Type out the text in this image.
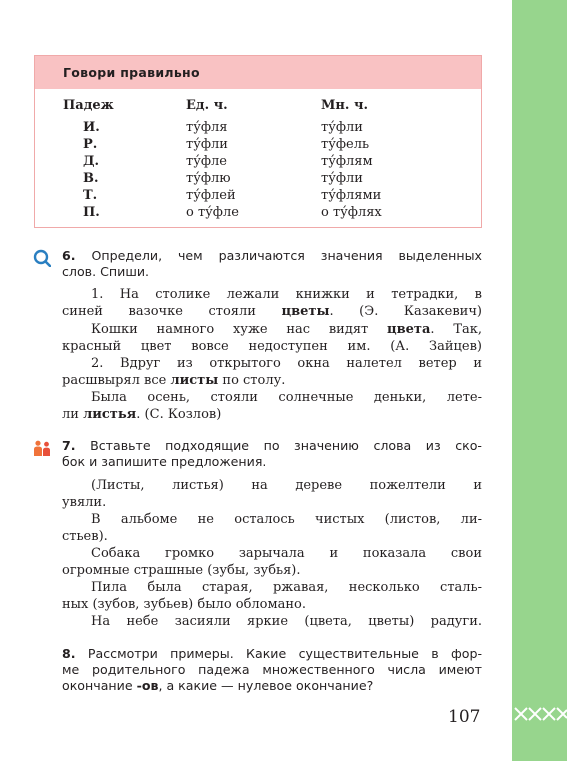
Говори правильно
Падеж	Ед. ч.	Мн. ч.
И.	ту́фля	ту́фли
Р.	ту́фли	ту́фель
Д.	ту́фле	ту́флям
В.	ту́флю	ту́фли
Т.	ту́флей	ту́флями
П.	о ту́фле	о ту́флях
6. Определи, чем различаются значения выделенных
слов. Спиши.
1. На столике лежали книжки и тетрадки, в
синей вазочке стояли цветы. (Э. Казакевич)
Кошки намного хуже нас видят цвета. Так,
красный цвет вовсе недоступен им. (А. Зайцев)
2. Вдруг из открытого окна налетел ветер и
расшвырял все листы по столу.
Была осень, стояли солнечные деньки, лете-
ли листья. (С. Козлов)
7. Вставьте подходящие по значению слова из ско-
бок и запишите предложения.
(Листы, листья) на дереве пожелтели и
увяли.
В альбоме не осталось чистых (листов, ли-
стьев).
Собака громко зарычала и показала свои
огромные страшные (зубы, зубья).
Пила была старая, ржавая, несколько сталь-
ных (зубов, зубьев) было обломано.
На небе засияли яркие (цвета, цветы) радуги.
8. Рассмотри примеры. Какие существительные в фор-
ме родительного падежа множественного числа имеют
окончание -ов, а какие — нулевое окончание?
107
